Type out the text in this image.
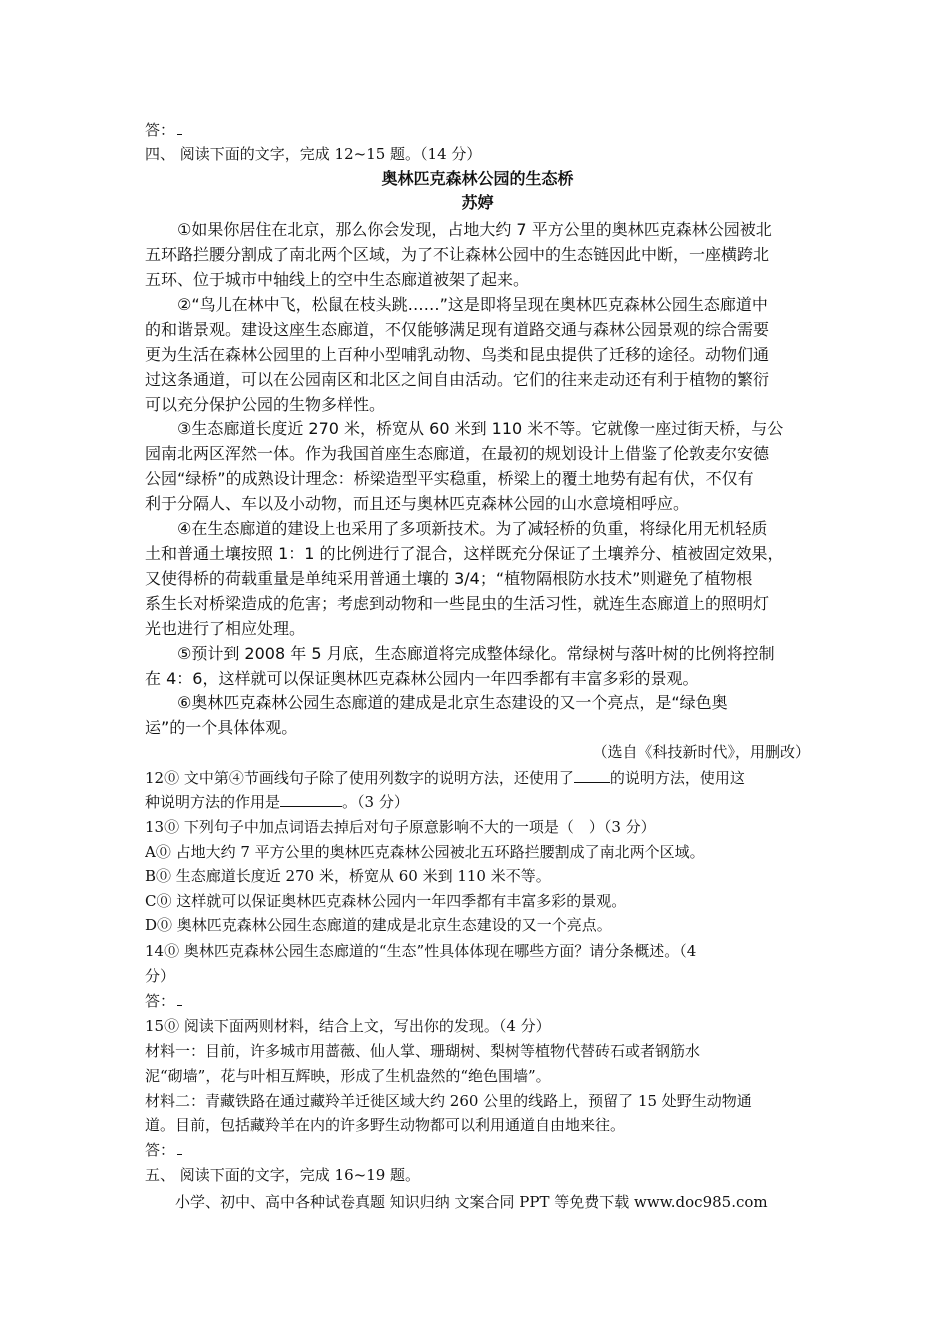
答：
四、 阅读下面的文字，完成 12~15 题。（14 分）
奥林匹克森林公园的生态桥
苏婷
①如果你居住在北京，那么你会发现，占地大约 7 平方公里的奥林匹克森林公园被北
五环路拦腰分割成了南北两个区域，为了不让森林公园中的生态链因此中断，一座横跨北
五环、位于城市中轴线上的空中生态廊道被架了起来。
②“鸟儿在林中飞，松鼠在枝头跳……”这是即将呈现在奥林匹克森林公园生态廊道中
的和谐景观。建设这座生态廊道，不仅能够满足现有道路交通与森林公园景观的综合需要
更为生活在森林公园里的上百种小型哺乳动物、鸟类和昆虫提供了迁移的途径。动物们通
过这条通道，可以在公园南区和北区之间自由活动。它们的往来走动还有利于植物的繁衍
可以充分保护公园的生物多样性。
③生态廊道长度近 270 米，桥宽从 60 米到 110 米不等。它就像一座过街天桥，与公
园南北两区浑然一体。作为我国首座生态廊道，在最初的规划设计上借鉴了伦敦麦尔安德
公园“绿桥”的成熟设计理念：桥梁造型平实稳重，桥梁上的覆土地势有起有伏，不仅有
利于分隔人、车以及小动物，而且还与奥林匹克森林公园的山水意境相呼应。
④在生态廊道的建设上也采用了多项新技术。为了减轻桥的负重，将绿化用无机轻质
土和普通土壤按照 1：1 的比例进行了混合，这样既充分保证了土壤养分、植被固定效果，
又使得桥的荷载重量是单纯采用普通土壤的 3/4；“植物隔根防水技术”则避免了植物根
系生长对桥梁造成的危害；考虑到动物和一些昆虫的生活习性，就连生态廊道上的照明灯
光也进行了相应处理。
⑤预计到 2008 年 5 月底，生态廊道将完成整体绿化。常绿树与落叶树的比例将控制
在 4：6，这样就可以保证奥林匹克森林公园内一年四季都有丰富多彩的景观。
⑥奥林匹克森林公园生态廊道的建成是北京生态建设的又一个亮点，是“绿色奥
运”的一个具体体观。
（选自《科技新时代》，用删改）
12⓪ 文中第④节画线句子除了使用列数字的说明方法，还使用了 的说明方法，使用这
种说明方法的作用是	。（3 分）
13⓪ 下列句子中加点词语去掉后对句子原意影响不大的一项是（　）（3 分）
A⓪ 占地大约 7 平方公里的奥林匹克森林公园被北五环路拦腰割成了南北两个区域。
B⓪ 生态廊道长度近 270 米，桥宽从 60 米到 110 米不等。
C⓪ 这样就可以保证奥林匹克森林公园内一年四季都有丰富多彩的景观。
D⓪ 奥林匹克森林公园生态廊道的建成是北京生态建设的又一个亮点。
14⓪ 奥林匹克森林公园生态廊道的“生态”性具体体现在哪些方面？请分条概述。（4
分）
答：
15⓪ 阅读下面两则材料，结合上文，写出你的发现。（4 分）
材料一：目前，许多城市用蔷薇、仙人掌、珊瑚树、梨树等植物代替砖石或者钢筋水
泥“砌墙”，花与叶相互辉映，形成了生机盎然的“绝色围墙”。
材料二：青藏铁路在通过藏羚羊迁徙区域大约 260 公里的线路上，预留了 15 处野生动物通
道。目前，包括藏羚羊在内的许多野生动物都可以利用通道自由地来往。
答：
五、 阅读下面的文字，完成 16~19 题。
小学、初中、高中各种试卷真题 知识归纳 文案合同 PPT 等免费下载 www.doc985.com
